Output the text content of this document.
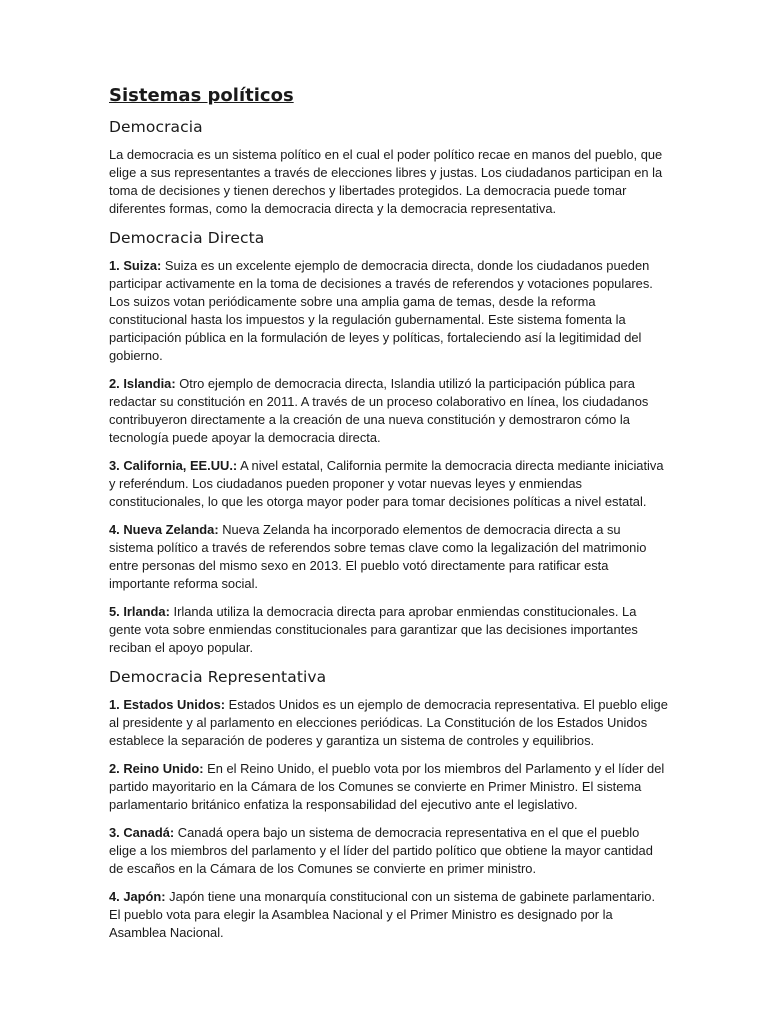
Sistemas políticos
Democracia

La democracia es un sistema político en el cual el poder político recae en manos del pueblo, que elige a sus representantes a través de elecciones libres y justas. Los ciudadanos participan en la toma de decisiones y tienen derechos y libertades protegidos. La democracia puede tomar diferentes formas, como la democracia directa y la democracia representativa.

Democracia Directa

1. Suiza: Suiza es un excelente ejemplo de democracia directa, donde los ciudadanos pueden participar activamente en la toma de decisiones a través de referendos y votaciones populares. Los suizos votan periódicamente sobre una amplia gama de temas, desde la reforma constitucional hasta los impuestos y la regulación gubernamental. Este sistema fomenta la participación pública en la formulación de leyes y políticas, fortaleciendo así la legitimidad del gobierno.

2. Islandia: Otro ejemplo de democracia directa, Islandia utilizó la participación pública para redactar su constitución en 2011. A través de un proceso colaborativo en línea, los ciudadanos contribuyeron directamente a la creación de una nueva constitución y demostraron cómo la tecnología puede apoyar la democracia directa.

3. California, EE.UU.: A nivel estatal, California permite la democracia directa mediante iniciativa y referéndum. Los ciudadanos pueden proponer y votar nuevas leyes y enmiendas constitucionales, lo que les otorga mayor poder para tomar decisiones políticas a nivel estatal.

4. Nueva Zelanda: Nueva Zelanda ha incorporado elementos de democracia directa a su sistema político a través de referendos sobre temas clave como la legalización del matrimonio entre personas del mismo sexo en 2013. El pueblo votó directamente para ratificar esta importante reforma social.

5. Irlanda: Irlanda utiliza la democracia directa para aprobar enmiendas constitucionales. La gente vota sobre enmiendas constitucionales para garantizar que las decisiones importantes reciban el apoyo popular.

Democracia Representativa

1. Estados Unidos: Estados Unidos es un ejemplo de democracia representativa. El pueblo elige al presidente y al parlamento en elecciones periódicas. La Constitución de los Estados Unidos establece la separación de poderes y garantiza un sistema de controles y equilibrios.

2. Reino Unido: En el Reino Unido, el pueblo vota por los miembros del Parlamento y el líder del partido mayoritario en la Cámara de los Comunes se convierte en Primer Ministro. El sistema parlamentario británico enfatiza la responsabilidad del ejecutivo ante el legislativo.

3. Canadá: Canadá opera bajo un sistema de democracia representativa en el que el pueblo elige a los miembros del parlamento y el líder del partido político que obtiene la mayor cantidad de escaños en la Cámara de los Comunes se convierte en primer ministro.

4. Japón: Japón tiene una monarquía constitucional con un sistema de gabinete parlamentario. El pueblo vota para elegir la Asamblea Nacional y el Primer Ministro es designado por la Asamblea Nacional.
